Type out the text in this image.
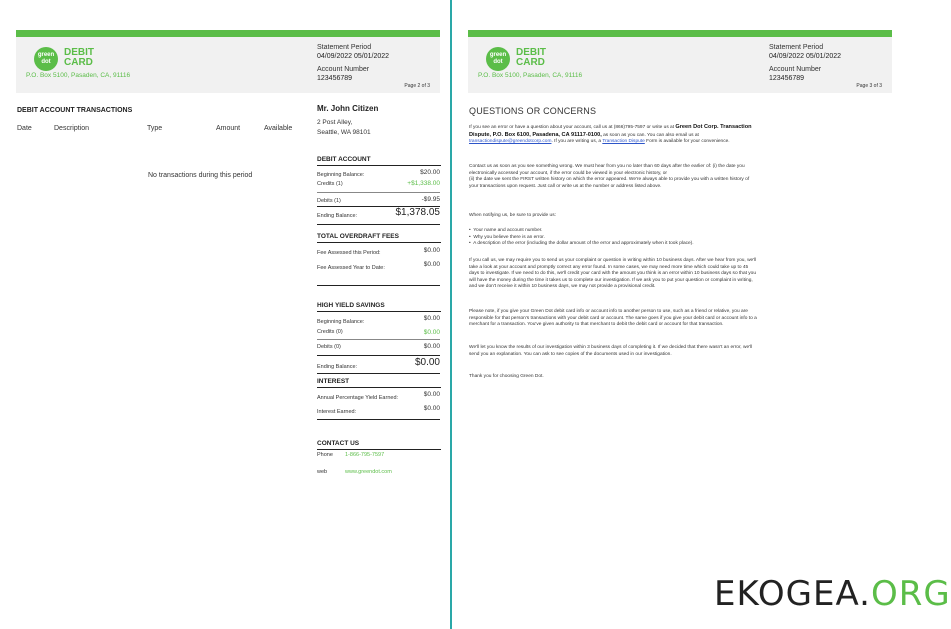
green dot
DEBIT
CARD
P.O. Box 5100, Pasaden, CA, 91116
Statement Period
04/09/2022 05/01/2022
Account Number
123456789
Page 2 of 3
DEBIT ACCOUNT TRANSACTIONS
Date	Description	Type	Amount	Available
No transactions during this period
Mr. John Citizen
2 Post Alley,
Seattle, WA 98101
DEBIT ACCOUNT
Beginning Balance:	$20.00
Credits (1)	+$1,338.00
Debits (1)	-$9.95
Ending Balance:	$1,378.05
TOTAL OVERDRAFT FEES
Fee Assessed this Period:	$0.00
Fee Assessed Year to Date:	$0.00
HIGH YIELD SAVINGS
Beginning Balance:	$0.00
Credits (0)	$0.00
Debits (0)	$0.00
Ending Balance:	$0.00
INTEREST
Annual Percentage Yield Earned:	$0.00
Interest Earned:	$0.00
CONTACT US
Phone 1-866-795-7597
web	www.greendot.com
green dot
DEBIT
CARD
P.O. Box 5100, Pasaden, CA, 91116
Statement Period
04/09/2022 05/01/2022
Account Number
123456789
Page 3 of 3
QUESTIONS OR CONCERNS
If you see an error or have a question about your account, call us at (866)795-7597 or write us at Green Dot Corp. Transaction Dispute, P.O. Box 6100, Pasadena, CA 91117-0100, as soon as you can. You can also email us at transactiondispute@greendotcorp.com. If you are writing us, a Transaction Dispute Form is available for your convenience.
Contact us as soon as you see something wrong. We must hear from you no later than 60 days after the earlier of: (i) the date you electronically accessed your account, if the error could be viewed in your electronic history, or
(ii) the date we sent the FIRST written history on which the error appeared. We're always able to provide you with a written history of your transactions upon request. Just call or write us at the number or address listed above.
When notifying us, be sure to provide us:
•  Your name and account number.
•  Why you believe there is an error.
•  A description of the error (including the dollar amount of the error and approximately when it took place).
If you call us, we may require you to send us your complaint or question in writing within 10 business days. After we hear from you, we'll take a look at your account and promptly correct any error found. In some cases, we may need more time which could take up to 45 days to investigate. If we need to do this, we'll credit your card with the amount you think is an error within 10 business days so that you will have the money during the time it takes us to complete our investigation. If we ask you to put your question or complaint in writing, and we don't receive it within 10 business days, we may not provide a provisional credit.
Please note, if you give your Green Dot debit card info or account info to another person to use, such as a friend or relative, you are responsible for that person's transactions with your debit card or account. The same goes if you give your debit card or account info to a merchant for a transaction. You've given authority to that merchant to debit the debit card or account for that transaction.
We'll let you know the results of our investigation within 3 business days of completing it. If we decided that there wasn't an error, we'll send you an explanation. You can ask to see copies of the documents used in our investigation.
Thank you for choosing Green Dot.
EKOGEA.ORG
